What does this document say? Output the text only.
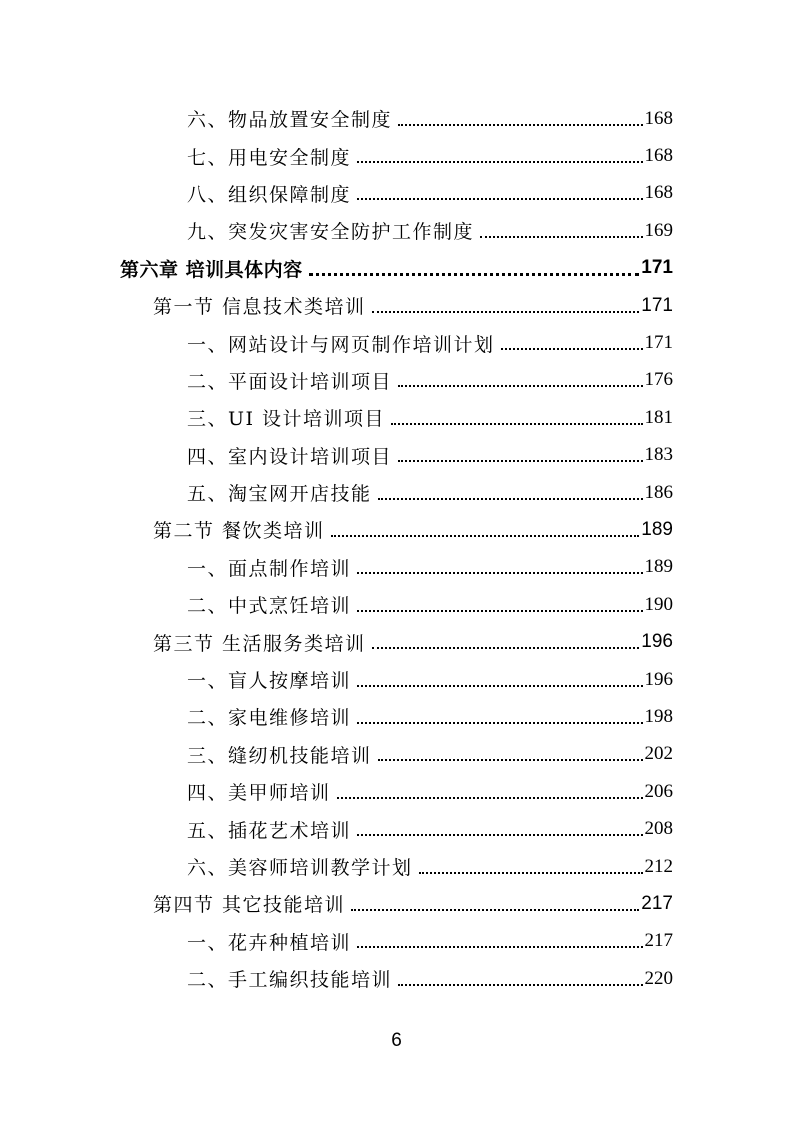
六、物品放置安全制度	168
七、用电安全制度	168
八、组织保障制度	168
九、突发灾害安全防护工作制度	169
第六章 培训具体内容	171
第一节 信息技术类培训	171
一、网站设计与网页制作培训计划	171
二、平面设计培训项目	176
三、UI 设计培训项目	181
四、室内设计培训项目	183
五、淘宝网开店技能	186
第二节 餐饮类培训	189
一、面点制作培训	189
二、中式烹饪培训	190
第三节 生活服务类培训	196
一、盲人按摩培训	196
二、家电维修培训	198
三、缝纫机技能培训	202
四、美甲师培训	206
五、插花艺术培训	208
六、美容师培训教学计划	212
第四节 其它技能培训	217
一、花卉种植培训	217
二、手工编织技能培训	220
6
